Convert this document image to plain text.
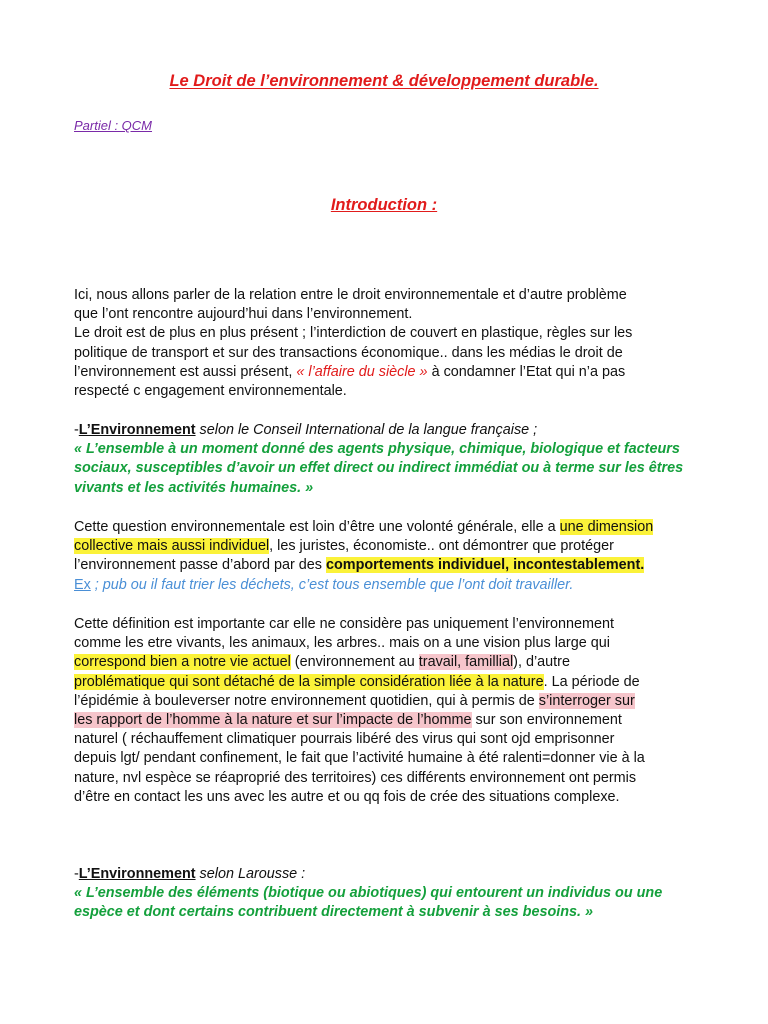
Le Droit de l’environnement & développement durable.
Partiel : QCM
Introduction :

Ici, nous allons parler de la relation entre le droit environnementale et d’autre problème

que l’ont rencontre aujourd’hui dans l’environnement.

Le droit est de plus en plus présent ; l’interdiction de couvert en plastique, règles sur les

politique de transport et sur des transactions économique.. dans les médias le droit de

l’environnement est aussi présent, « l’affaire du siècle » à condamner l’Etat qui n’a pas

respecté c engagement environnementale.

-L’Environnement selon le Conseil International de la langue française ;

« L’ensemble à un moment donné des agents physique, chimique, biologique et facteurs

sociaux, susceptibles d’avoir un effet direct ou indirect immédiat ou à terme sur les êtres

vivants et les activités humaines. »

Cette question environnementale est loin d’être une volonté générale, elle a une dimension

collective mais aussi individuel, les juristes, économiste.. ont démontrer que protéger

l’environnement passe d’abord par des comportements individuel, incontestablement.

Ex ; pub ou il faut trier les déchets, c’est tous ensemble que l’ont doit travailler.

Cette définition est importante car elle ne considère pas uniquement l’environnement

comme les etre vivants, les animaux, les arbres.. mais on a une vision plus large qui

correspond bien a notre vie actuel (environnement au travail, famillial), d’autre

problématique qui sont détaché de la simple considération liée à la nature. La période de

l’épidémie à bouleverser notre environnement quotidien, qui à permis de s’interroger sur

les rapport de l’homme à la nature et sur l’impacte de l’homme sur son environnement

naturel ( réchauffement climatiquer pourrais libéré des virus qui sont ojd emprisonner

depuis lgt/ pendant confinement, le fait que l’activité humaine à été ralenti=donner vie à la

nature, nvl espèce se réaproprié des territoires) ces différents environnement ont permis

d’être en contact les uns avec les autre et ou qq fois de crée des situations complexe.

-L’Environnement selon Larousse :

« L’ensemble des éléments (biotique ou abiotiques) qui entourent un individus ou une

espèce et dont certains contribuent directement à subvenir à ses besoins. »
